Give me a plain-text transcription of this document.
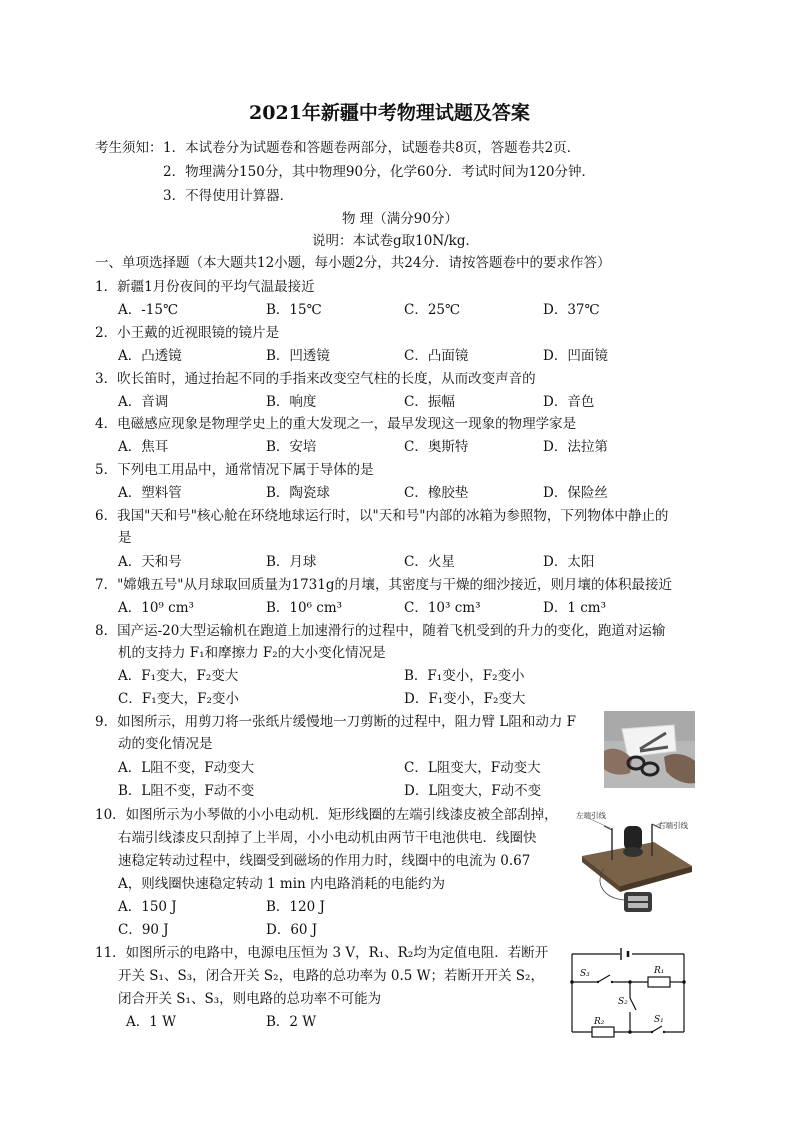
2021年新疆中考物理试题及答案
考生须知： 1．本试卷分为试题卷和答题卷两部分，试题卷共8页，答题卷共2页．
2．物理满分150分，其中物理90分，化学60分．考试时间为120分钟．
3．不得使用计算器．
物 理（满分90分）
说明：本试卷g取10N/kg．
一、单项选择题（本大题共12小题，每小题2分，共24分．请按答题卷中的要求作答）
1．新疆1月份夜间的平均气温最接近
A．-15℃	B．15℃	C．25℃	D．37℃
2．小王戴的近视眼镜的镜片是
A．凸透镜	B．凹透镜	C．凸面镜	D．凹面镜
3．吹长笛时，通过抬起不同的手指来改变空气柱的长度，从而改变声音的
A．音调	B．响度	C．振幅	D．音色
4．电磁感应现象是物理学史上的重大发现之一，最早发现这一现象的物理学家是
A．焦耳	B．安培	C．奥斯特	D．法拉第
5．下列电工用品中，通常情况下属于导体的是
A．塑料管	B．陶瓷球	C．橡胶垫	D．保险丝
6．我国"天和号"核心舱在环绕地球运行时，以"天和号"内部的冰箱为参照物，下列物体中静止的
是
A．天和号	B．月球	C．火星	D．太阳
7．"嫦娥五号"从月球取回质量为1731g的月壤，其密度与干燥的细沙接近，则月壤的体积最接近
A．10⁹ cm³	B．10⁶ cm³	C．10³ cm³	D．1 cm³
8．国产运-20大型运输机在跑道上加速滑行的过程中，随着飞机受到的升力的变化，跑道对运输
机的支持力 F₁和摩擦力 F₂的大小变化情况是
A．F₁变大，F₂变大	B．F₁变小，F₂变小
C．F₁变大，F₂变小	D．F₁变小，F₂变大
9．如图所示，用剪刀将一张纸片缓慢地一刀剪断的过程中，阻力臂 L阻和动力 F
动的变化情况是
A．L阻不变，F动变大	C．L阻变大，F动变大
B．L阻不变，F动不变	D．L阻变大，F动不变
10．如图所示为小琴做的小小电动机．矩形线圈的左端引线漆皮被全部刮掉，
右端引线漆皮只刮掉了上半周，小小电动机由两节干电池供电．线圈快
速稳定转动过程中，线圈受到磁场的作用力时，线圈中的电流为 0.67
A，则线圈快速稳定转动 1 min 内电路消耗的电能约为
A．150 J	B．120 J
C．90 J	D．60 J
左端引线
右端引线
11．如图所示的电路中，电源电压恒为 3 V，R₁、R₂均为定值电阻．若断开
开关 S₁、S₃，闭合开关 S₂，电路的总功率为 0.5 W；若断开开关 S₂，
闭合开关 S₁、S₃，则电路的总功率不可能为
A．1 W	B．2 W
S₃	R₁
S₂
R₂	S₁
